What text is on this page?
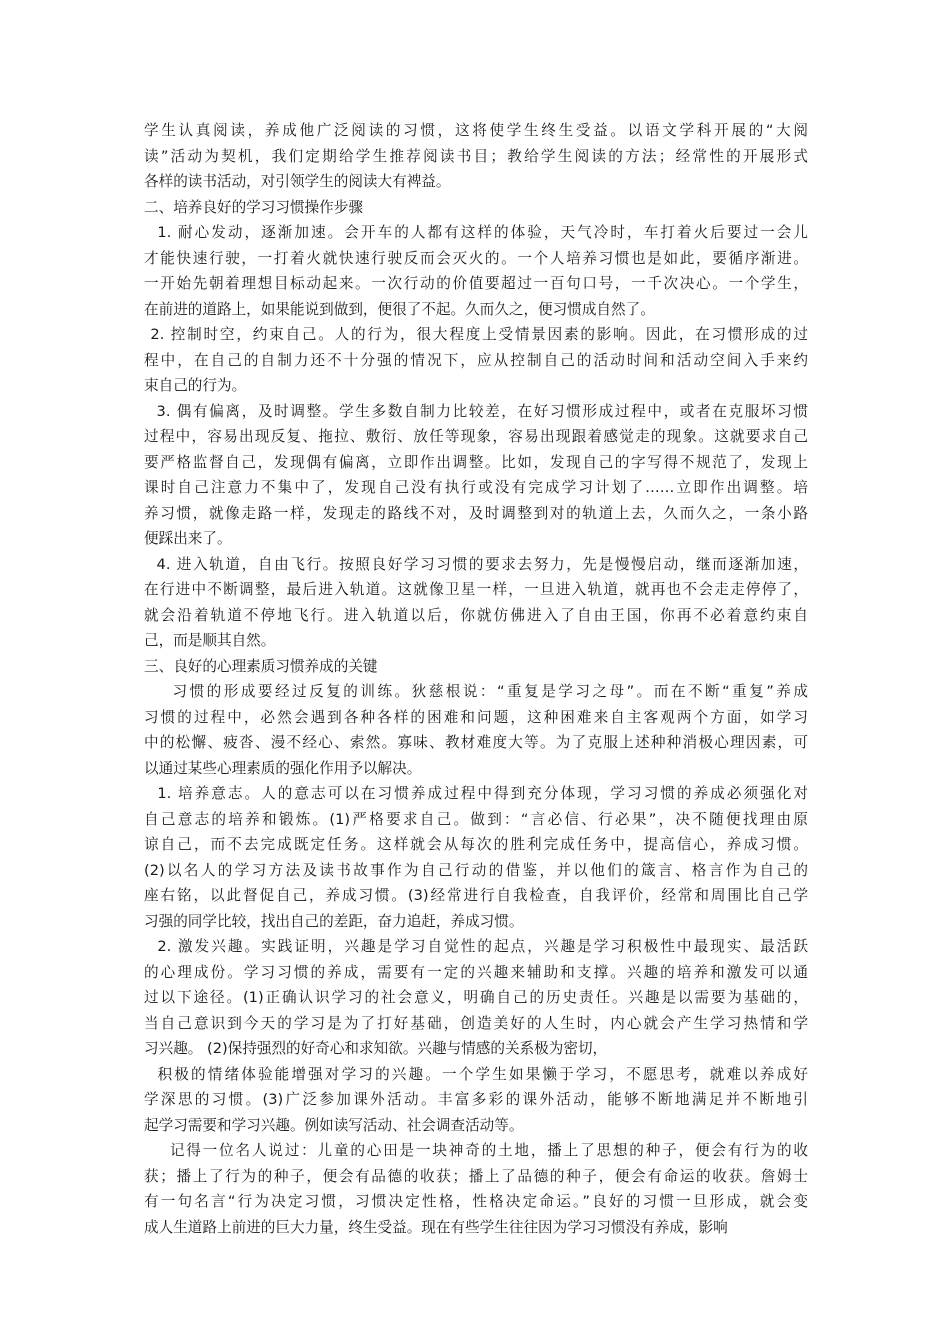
学生认真阅读，养成他广泛阅读的习惯，这将使学生终生受益。以语文学科开展的“大阅
读”活动为契机，我们定期给学生推荐阅读书目；教给学生阅读的方法；经常性的开展形式
各样的读书活动，对引领学生的阅读大有裨益。
二、培养良好的学习习惯操作步骤
1. 耐心发动，逐渐加速。会开车的人都有这样的体验，天气冷时，车打着火后要过一会儿
才能快速行驶，一打着火就快速行驶反而会灭火的。一个人培养习惯也是如此，要循序渐进。
一开始先朝着理想目标动起来。一次行动的价值要超过一百句口号，一千次决心。一个学生，
在前进的道路上，如果能说到做到，便很了不起。久而久之，便习惯成自然了。
2. 控制时空，约束自己。人的行为，很大程度上受情景因素的影响。因此，在习惯形成的过
程中，在自己的自制力还不十分强的情况下，应从控制自己的活动时间和活动空间入手来约
束自己的行为。
3. 偶有偏离，及时调整。学生多数自制力比较差，在好习惯形成过程中，或者在克服坏习惯
过程中，容易出现反复、拖拉、敷衍、放任等现象，容易出现跟着感觉走的现象。这就要求自己
要严格监督自己，发现偶有偏离，立即作出调整。比如，发现自己的字写得不规范了，发现上
课时自己注意力不集中了，发现自己没有执行或没有完成学习计划了……立即作出调整。培
养习惯，就像走路一样，发现走的路线不对，及时调整到对的轨道上去，久而久之，一条小路
便踩出来了。
4. 进入轨道，自由飞行。按照良好学习习惯的要求去努力，先是慢慢启动，继而逐渐加速，
在行进中不断调整，最后进入轨道。这就像卫星一样，一旦进入轨道，就再也不会走走停停了，
就会沿着轨道不停地飞行。进入轨道以后，你就仿佛进入了自由王国，你再不必着意约束自
己，而是顺其自然。
三、良好的心理素质习惯养成的关键
习惯的形成要经过反复的训练。狄慈根说：“重复是学习之母”。而在不断“重复”养成
习惯的过程中，必然会遇到各种各样的困难和问题，这种困难来自主客观两个方面，如学习
中的松懈、疲沓、漫不经心、索然。寡味、教材难度大等。为了克服上述种种消极心理因素，可
以通过某些心理素质的强化作用予以解决。
1. 培养意志。人的意志可以在习惯养成过程中得到充分体现，学习习惯的养成必须强化对
自己意志的培养和锻炼。(1)严格要求自己。做到：“言必信、行必果”，决不随便找理由原
谅自己，而不去完成既定任务。这样就会从每次的胜利完成任务中，提高信心，养成习惯。
(2)以名人的学习方法及读书故事作为自己行动的借鉴，并以他们的箴言、格言作为自己的
座右铭，以此督促自己，养成习惯。(3)经常进行自我检查，自我评价，经常和周围比自己学
习强的同学比较，找出自己的差距，奋力追赶，养成习惯。
2. 激发兴趣。实践证明，兴趣是学习自觉性的起点，兴趣是学习积极性中最现实、最活跃
的心理成份。学习习惯的养成，需要有一定的兴趣来辅助和支撑。兴趣的培养和激发可以通
过以下途径。(1)正确认识学习的社会意义，明确自己的历史责任。兴趣是以需要为基础的，
当自己意识到今天的学习是为了打好基础，创造美好的人生时，内心就会产生学习热情和学
习兴趣。 (2)保持强烈的好奇心和求知欲。兴趣与情感的关系极为密切，
积极的情绪体验能增强对学习的兴趣。一个学生如果懒于学习，不愿思考，就难以养成好
学深思的习惯。(3)广泛参加课外活动。丰富多彩的课外活动，能够不断地满足并不断地引
起学习需要和学习兴趣。例如读写活动、社会调查活动等。
记得一位名人说过：儿童的心田是一块神奇的土地，播上了思想的种子，便会有行为的收
获；播上了行为的种子，便会有品德的收获；播上了品德的种子，便会有命运的收获。詹姆士
有一句名言“行为决定习惯，习惯决定性格，性格决定命运。”良好的习惯一旦形成，就会变
成人生道路上前进的巨大力量，终生受益。现在有些学生往往因为学习习惯没有养成，影响
